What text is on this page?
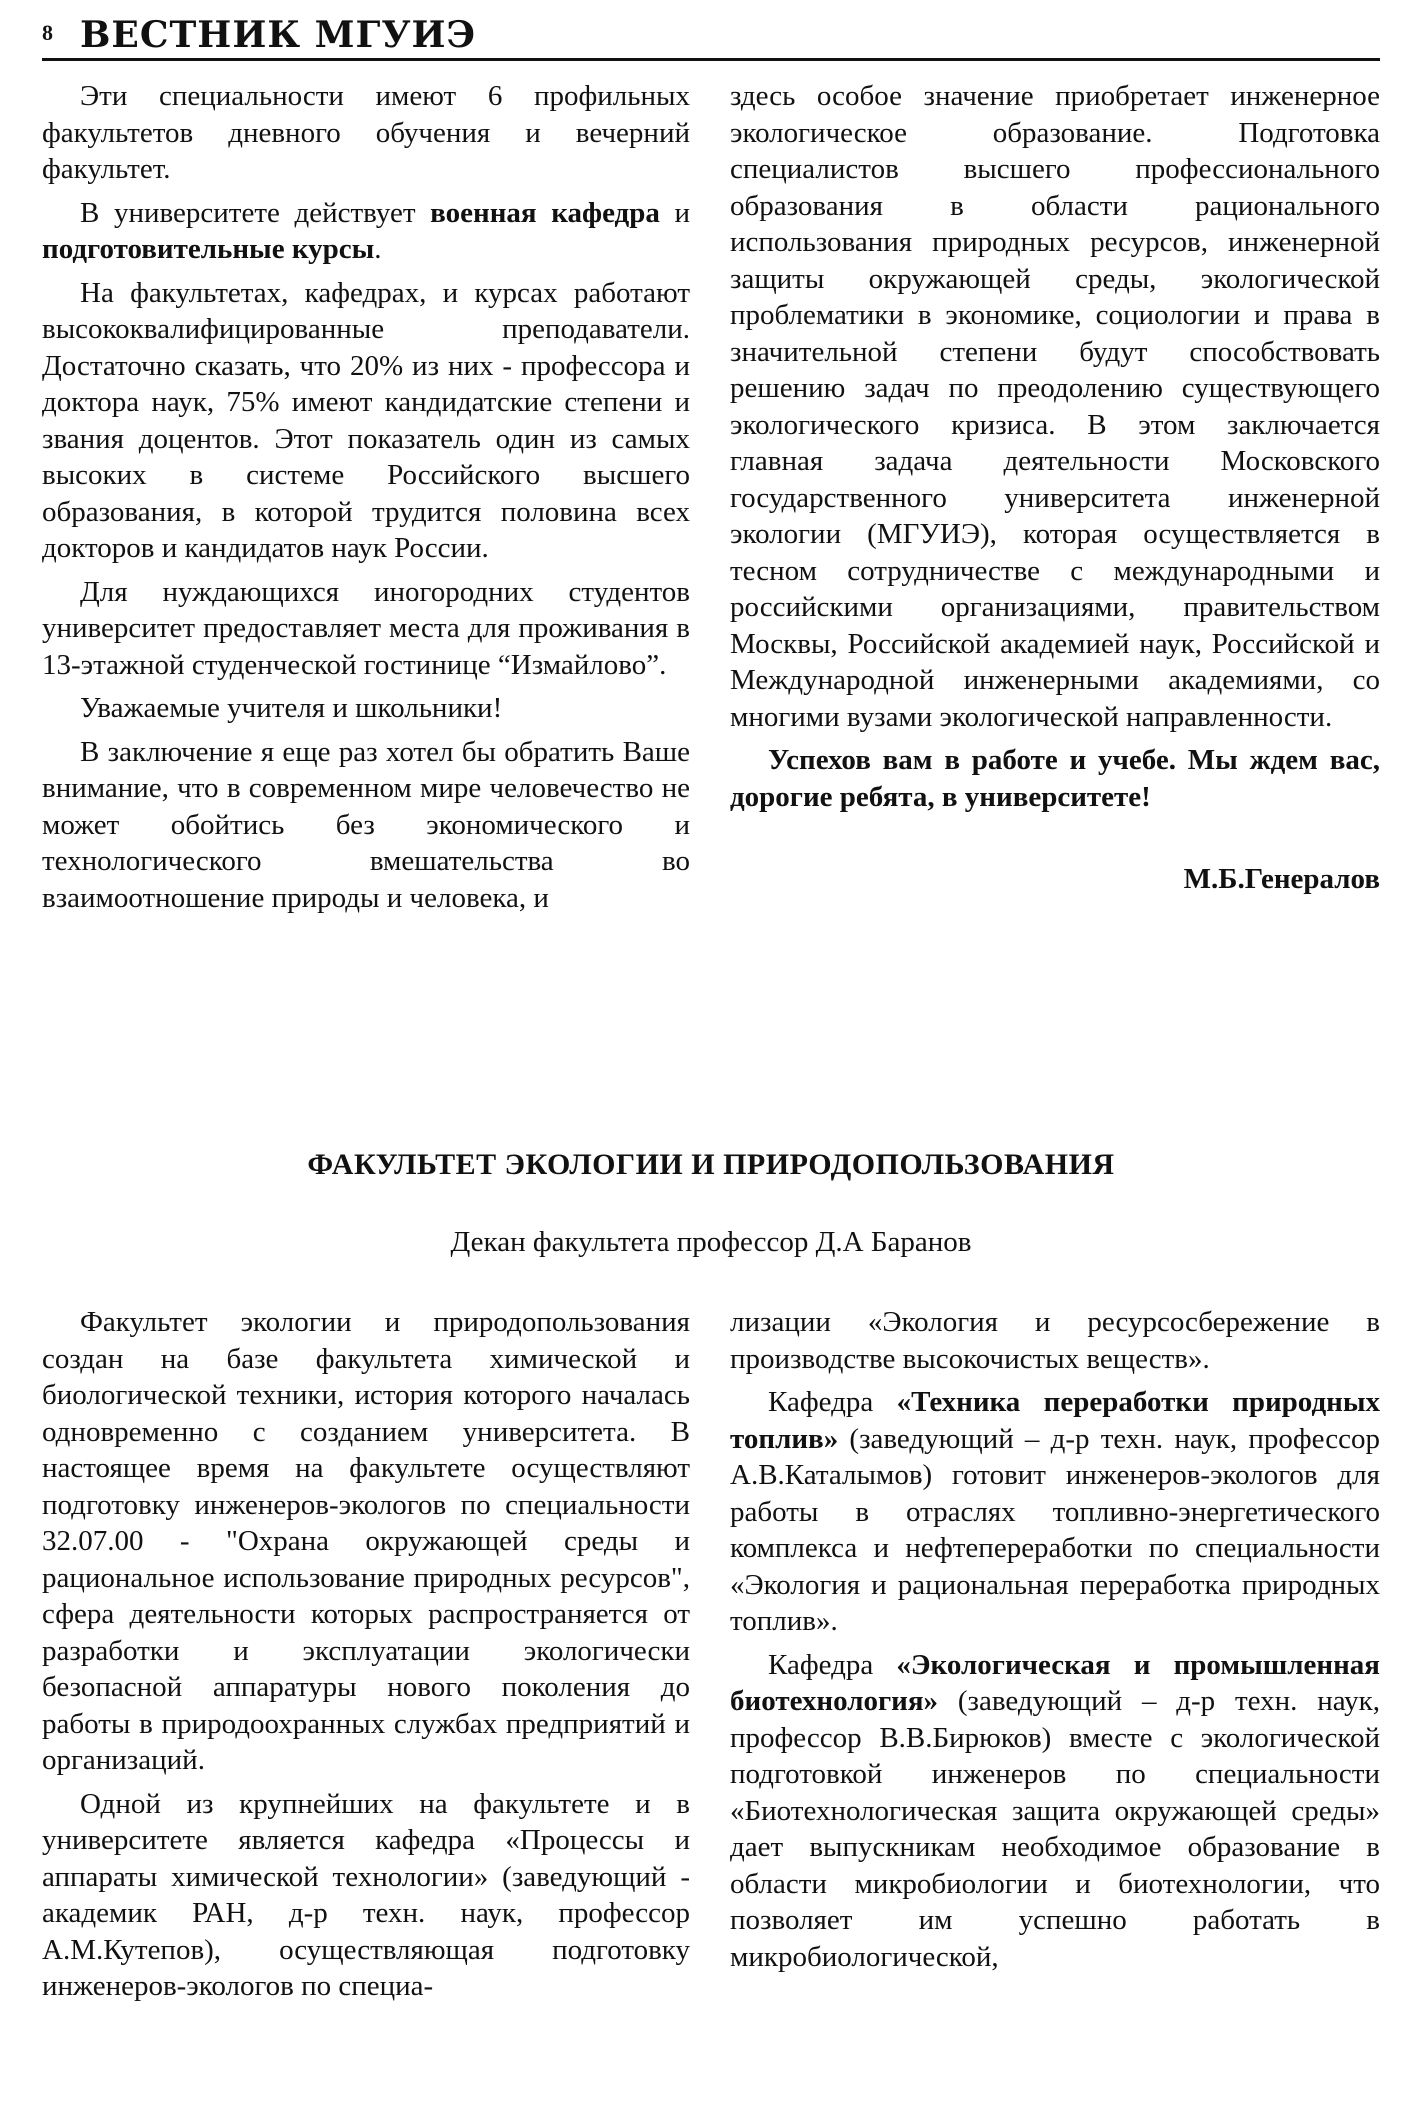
8 ВЕСТНИК МГУИЭ

Эти специальности имеют 6 профильных факультетов дневного обучения и вечерний факультет.

В университете действует военная кафедра и подготовительные курсы.

На факультетах, кафедрах, и курсах работают высококвалифицированные преподаватели. Достаточно сказать, что 20% из них - профессора и доктора наук, 75% имеют кандидатские степени и звания доцентов. Этот показатель один из самых высоких в системе Российского высшего образования, в которой трудится половина всех докторов и кандидатов наук России.

Для нуждающихся иногородних студентов университет предоставляет места для проживания в 13-этажной студенческой гостинице “Измайлово”.

Уважаемые учителя и школьники!

В заключение я еще раз хотел бы обратить Ваше внимание, что в современном мире человечество не может обойтись без экономического и технологического вмешательства во взаимоотношение природы и человека, и

здесь особое значение приобретает инженерное экологическое образование. Подготовка специалистов высшего профессионального образования в области рационального использования природных ресурсов, инженерной защиты окружающей среды, экологической проблематики в экономике, социологии и права в значительной степени будут способствовать решению задач по преодолению существующего экологического кризиса. В этом заключается главная задача деятельности Московского государственного университета инженерной экологии (МГУИЭ), которая осуществляется в тесном сотрудничестве с международными и российскими организациями, правительством Москвы, Российской академией наук, Российской и Международной инженерными академиями, со многими вузами экологической направленности.

Успехов вам в работе и учебе. Мы ждем вас, дорогие ребята, в университете!

М.Б.Генералов

ФАКУЛЬТЕТ ЭКОЛОГИИ И ПРИРОДОПОЛЬЗОВАНИЯ
Декан факультета профессор Д.А Баранов

Факультет экологии и природопользования создан на базе факультета химической и биологической техники, история которого началась одновременно с созданием университета. В настоящее время на факультете осуществляют подготовку инженеров-экологов по специальности 32.07.00 - "Охрана окружающей среды и рациональное использование природных ресурсов", сфера деятельности которых распространяется от разработки и эксплуатации экологически безопасной аппаратуры нового поколения до работы в природоохранных службах предприятий и организаций.

Одной из крупнейших на факультете и в университете является кафедра «Процессы и аппараты химической технологии» (заведующий - академик РАН, д-р техн. наук, профессор А.М.Кутепов), осуществляющая подготовку инженеров-экологов по специа-

лизации «Экология и ресурсосбережение в производстве высокочистых веществ».

Кафедра «Техника переработки природных топлив» (заведующий – д-р техн. наук, профессор А.В.Каталымов) готовит инженеров-экологов для работы в отраслях топливно-энергетического комплекса и нефтепереработки по специальности «Экология и рациональная переработка природных топлив».

Кафедра «Экологическая и промышленная биотехнология» (заведующий – д-р техн. наук, профессор В.В.Бирюков) вместе с экологической подготовкой инженеров по специальности «Биотехнологическая защита окружающей среды» дает выпускникам необходимое образование в области микробиологии и биотехнологии, что позволяет им успешно работать в микробиологической,
